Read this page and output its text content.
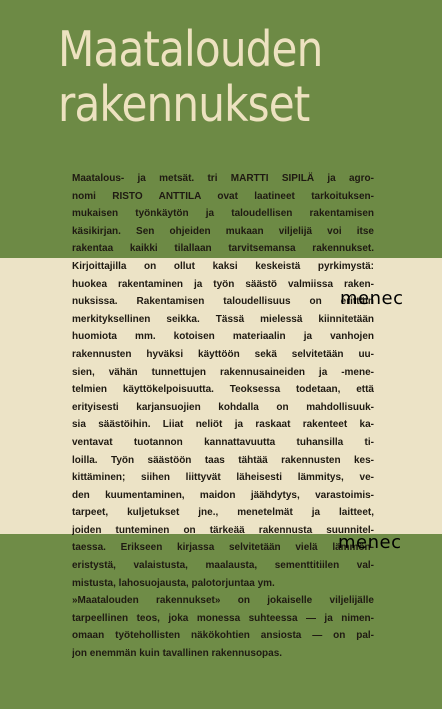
Maatalouden
rakennukset
Maatalous- ja metsät. tri MARTTI SIPILÄ ja agro-
nomi RISTO ANTTILA ovat laatineet tarkoituksen-
mukaisen työnkäytön ja taloudellisen rakentamisen
käsikirjan. Sen ohjeiden mukaan viljelijä voi itse
rakentaa kaikki tilallaan tarvitsemansa rakennukset.
Kirjoittajilla on ollut kaksi keskeistä pyrkimystä:
huokea rakentaminen ja työn säästö valmiissa raken-
nuksissa. Rakentamisen taloudellisuus on erittäin
merkityksellinen seikka. Tässä mielessä kiinnitetään
huomiota mm. kotoisen materiaalin ja vanhojen
rakennusten hyväksi käyttöön sekä selvitetään uu-
sien, vähän tunnettujen rakennusaineiden ja -mene-
telmien käyttökelpoisuutta. Teoksessa todetaan, että
erityisesti karjansuojien kohdalla on mahdollisuuk-
sia säästöihin. Liiat neliöt ja raskaat rakenteet ka-
ventavat tuotannon kannattavuutta tuhansilla ti-
loilla. Työn säästöön taas tähtää rakennusten kes-
kittäminen; siihen liittyvät läheisesti lämmitys, ve-
den kuumentaminen, maidon jäähdytys, varastoimis-
tarpeet, kuljetukset jne., menetelmät ja laitteet,
joiden tunteminen on tärkeää rakennusta suunnitel-
taessa. Erikseen kirjassa selvitetään vielä lämmön-
eristystä, valaistusta, maalausta, sementtitiilen val-
mistusta, lahosuojausta, palotorjuntaa ym.
»Maatalouden rakennukset» on jokaiselle viljelijälle
tarpeellinen teos, joka monessa suhteessa — ja nimen-
omaan työtehollisten näkökohtien ansiosta — on pal-
jon enemmän kuin tavallinen rakennusopas.
menec
menec
